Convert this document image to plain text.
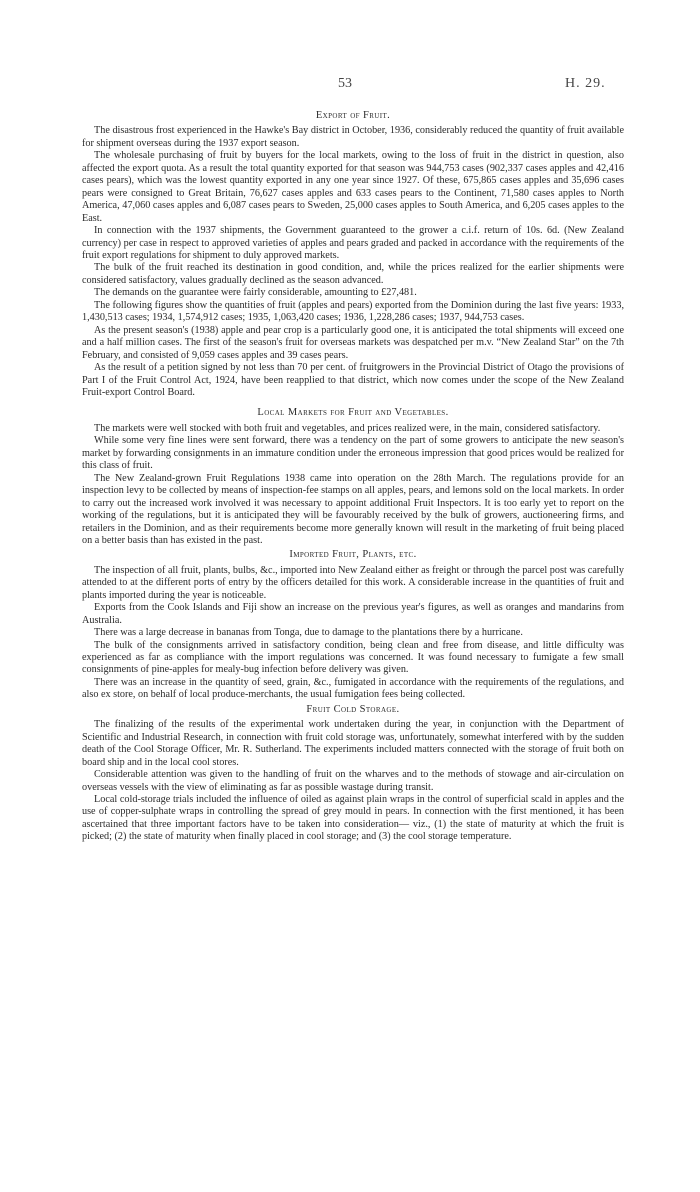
53	H. 29.
Export of Fruit.

The disastrous frost experienced in the Hawke's Bay district in October, 1936, considerably reduced the quantity of fruit available for shipment overseas during the 1937 export season.

The wholesale purchasing of fruit by buyers for the local markets, owing to the loss of fruit in the district in question, also affected the export quota. As a result the total quantity exported for that season was 944,753 cases (902,337 cases apples and 42,416 cases pears), which was the lowest quantity exported in any one year since 1927. Of these, 675,865 cases apples and 35,696 cases pears were consigned to Great Britain, 76,627 cases apples and 633 cases pears to the Continent, 71,580 cases apples to North America, 47,060 cases apples and 6,087 cases pears to Sweden, 25,000 cases apples to South America, and 6,205 cases apples to the East.

In connection with the 1937 shipments, the Government guaranteed to the grower a c.i.f. return of 10s. 6d. (New Zealand currency) per case in respect to approved varieties of apples and pears graded and packed in accordance with the requirements of the fruit export regulations for shipment to duly approved markets.

The bulk of the fruit reached its destination in good condition, and, while the prices realized for the earlier shipments were considered satisfactory, values gradually declined as the season advanced.

The demands on the guarantee were fairly considerable, amounting to £27,481.

The following figures show the quantities of fruit (apples and pears) exported from the Dominion during the last five years: 1933, 1,430,513 cases; 1934, 1,574,912 cases; 1935, 1,063,420 cases; 1936, 1,228,286 cases; 1937, 944,753 cases.

As the present season's (1938) apple and pear crop is a particularly good one, it is anticipated the total shipments will exceed one and a half million cases. The first of the season's fruit for overseas markets was despatched per m.v. “New Zealand Star” on the 7th February, and consisted of 9,059 cases apples and 39 cases pears.

As the result of a petition signed by not less than 70 per cent. of fruitgrowers in the Provincial District of Otago the provisions of Part I of the Fruit Control Act, 1924, have been reapplied to that district, which now comes under the scope of the New Zealand Fruit-export Control Board.

Local Markets for Fruit and Vegetables.

The markets were well stocked with both fruit and vegetables, and prices realized were, in the main, considered satisfactory.

While some very fine lines were sent forward, there was a tendency on the part of some growers to anticipate the new season's market by forwarding consignments in an immature condition under the erroneous impression that good prices would be realized for this class of fruit.

The New Zealand-grown Fruit Regulations 1938 came into operation on the 28th March. The regulations provide for an inspection levy to be collected by means of inspection-fee stamps on all apples, pears, and lemons sold on the local markets. In order to carry out the increased work involved it was necessary to appoint additional Fruit Inspectors. It is too early yet to report on the working of the regulations, but it is anticipated they will be favourably received by the bulk of growers, auctioneering firms, and retailers in the Dominion, and as their requirements become more generally known will result in the marketing of fruit being placed on a better basis than has existed in the past.

Imported Fruit, Plants, etc.

The inspection of all fruit, plants, bulbs, &c., imported into New Zealand either as freight or through the parcel post was carefully attended to at the different ports of entry by the officers detailed for this work. A considerable increase in the quantities of fruit and plants imported during the year is noticeable.

Exports from the Cook Islands and Fiji show an increase on the previous year's figures, as well as oranges and mandarins from Australia.

There was a large decrease in bananas from Tonga, due to damage to the plantations there by a hurricane.

The bulk of the consignments arrived in satisfactory condition, being clean and free from disease, and little difficulty was experienced as far as compliance with the import regulations was concerned. It was found necessary to fumigate a few small consignments of pine-apples for mealy-bug infection before delivery was given.

There was an increase in the quantity of seed, grain, &c., fumigated in accordance with the requirements of the regulations, and also ex store, on behalf of local produce-merchants, the usual fumigation fees being collected.

Fruit Cold Storage.

The finalizing of the results of the experimental work undertaken during the year, in conjunction with the Department of Scientific and Industrial Research, in connection with fruit cold storage was, unfortunately, somewhat interfered with by the sudden death of the Cool Storage Officer, Mr. R. Sutherland. The experiments included matters connected with the storage of fruit both on board ship and in the local cool stores.

Considerable attention was given to the handling of fruit on the wharves and to the methods of stowage and air-circulation on overseas vessels with the view of eliminating as far as possible wastage during transit.

Local cold-storage trials included the influence of oiled as against plain wraps in the control of superficial scald in apples and the use of copper-sulphate wraps in controlling the spread of grey mould in pears. In connection with the first mentioned, it has been ascertained that three important factors have to be taken into consideration— viz., (1) the state of maturity at which the fruit is picked; (2) the state of maturity when finally placed in cool storage; and (3) the cool storage temperature.
